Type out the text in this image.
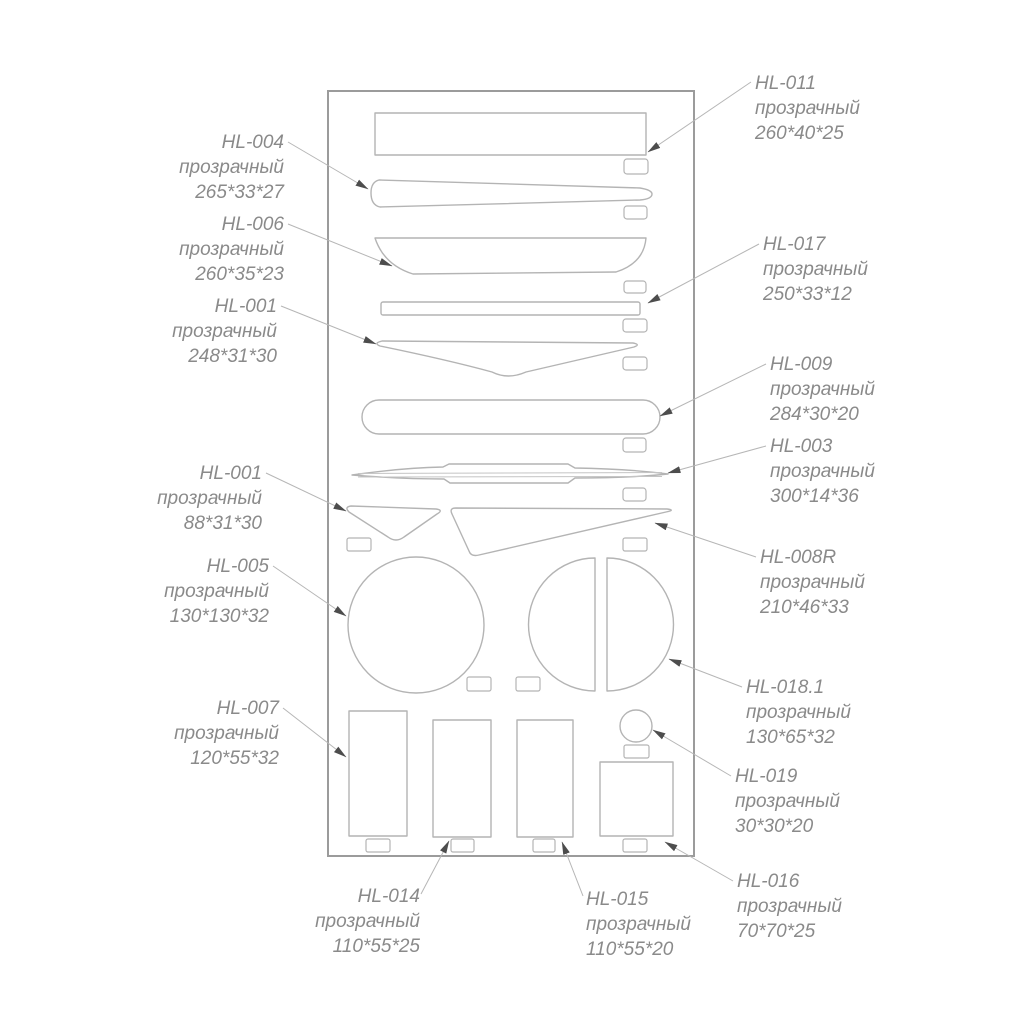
HL-004
прозрачный
265*33*27
HL-006
прозрачный
260*35*23
HL-001
прозрачный
248*31*30
HL-001
прозрачный
88*31*30
HL-005
прозрачный
130*130*32
HL-007
прозрачный
120*55*32
HL-011
прозрачный
260*40*25
HL-017
прозрачный
250*33*12
HL-009
прозрачный
284*30*20
HL-003
прозрачный
300*14*36
HL-008R
прозрачный
210*46*33
HL-018.1
прозрачный
130*65*32
HL-019
прозрачный
30*30*20
HL-016
прозрачный
70*70*25
HL-014
прозрачный
110*55*25
HL-015
прозрачный
110*55*20
